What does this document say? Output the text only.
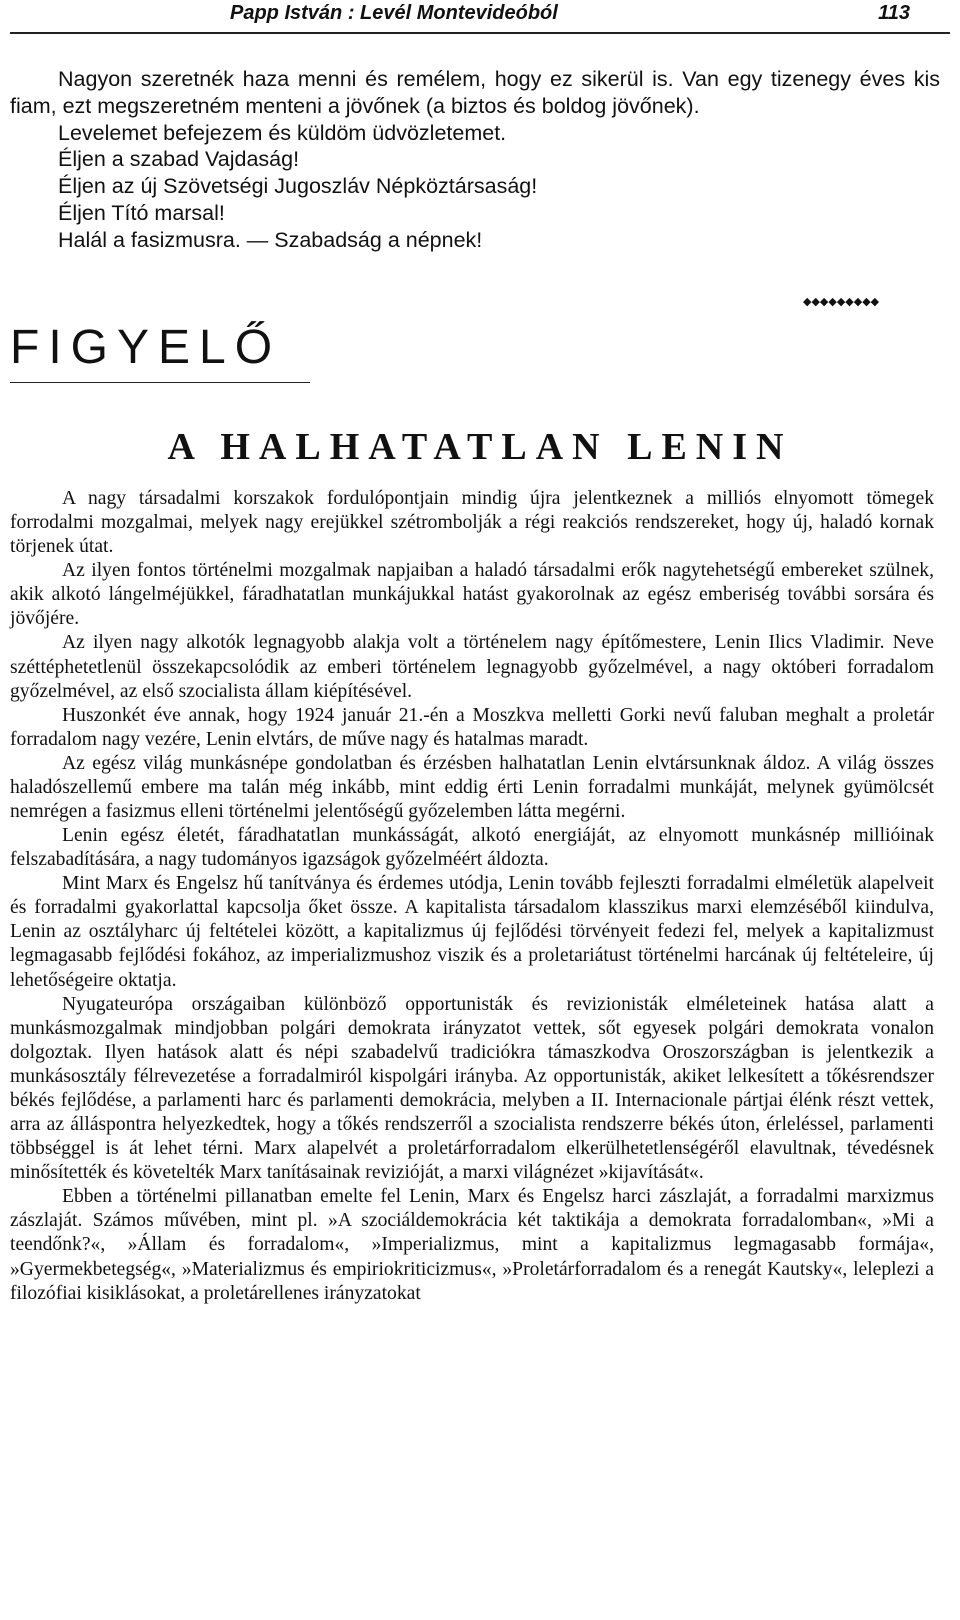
Papp István : Levél Montevideóból	113

Nagyon szeretnék haza menni és remélem, hogy ez sikerül is. Van egy tizenegy éves kis fiam, ezt megszeretném menteni a jövőnek (a biztos és boldog jövőnek).

Levelemet befejezem és küldöm üdvözletemet.
Éljen a szabad Vajdaság!
Éljen az új Szövetségi Jugoszláv Népköztársaság!
Éljen Tító marsal!
Halál a fasizmusra. — Szabadság a népnek!
◆◆◆◆◆◆◆◆◆
FIGYELŐ
A HALHATATLAN LENIN

A nagy társadalmi korszakok fordulópontjain mindig újra jelentkeznek a milliós elnyomott tömegek forrodalmi mozgalmai, melyek nagy erejükkel szétrombolják a régi reakciós rendszereket, hogy új, haladó kornak törjenek útat.

Az ilyen fontos történelmi mozgalmak napjaiban a haladó társadalmi erők nagytehetségű embereket szülnek, akik alkotó lángelméjükkel, fáradhatatlan munkájukkal hatást gyakorolnak az egész emberiség további sorsára és jövőjére.

Az ilyen nagy alkotók legnagyobb alakja volt a történelem nagy építőmestere, Lenin Ilics Vladimir. Neve széttéphetetlenül összekapcsolódik az emberi történelem legnagyobb győzelmével, a nagy októberi forradalom győzelmével, az első szocialista állam kiépítésével.

Huszonkét éve annak, hogy 1924 január 21.-én a Moszkva melletti Gorki nevű faluban meghalt a proletár forradalom nagy vezére, Lenin elvtárs, de műve nagy és hatalmas maradt.

Az egész világ munkásnépe gondolatban és érzésben halhatatlan Lenin elvtársunknak áldoz. A világ összes haladószellemű embere ma talán még inkább, mint eddig érti Lenin forradalmi munkáját, melynek gyümölcsét nemrégen a fasizmus elleni történelmi jelentőségű győzelemben látta megérni.

Lenin egész életét, fáradhatatlan munkásságát, alkotó energiáját, az elnyomott munkásnép millióinak felszabadítására, a nagy tudományos igazságok győzelméért áldozta.

Mint Marx és Engelsz hű tanítványa és érdemes utódja, Lenin tovább fejleszti forradalmi elméletük alapelveit és forradalmi gyakorlattal kapcsolja őket össze. A kapitalista társadalom klasszikus marxi elemzéséből kiindulva, Lenin az osztályharc új feltételei között, a kapitalizmus új fejlődési törvényeit fedezi fel, melyek a kapitalizmust legmagasabb fejlődési fokához, az imperializmushoz viszik és a proletariátust történelmi harcának új feltételeire, új lehetőségeire oktatja.

Nyugateurópa országaiban különböző opportunisták és revizionisták elméleteinek hatása alatt a munkásmozgalmak mindjobban polgári demokrata irányzatot vettek, sőt egyesek polgári demokrata vonalon dolgoztak. Ilyen hatások alatt és népi szabadelvű tradiciókra támaszkodva Oroszországban is jelentkezik a munkásosztály félrevezetése a forradalmiról kispolgári irányba. Az opportunisták, akiket lelkesített a tőkésrendszer békés fejlődése, a parlamenti harc és parlamenti demokrácia, melyben a II. Internacionale pártjai élénk részt vettek, arra az álláspontra helyezkedtek, hogy a tőkés rendszerről a szocialista rendszerre békés úton, érleléssel, parlamenti többséggel is át lehet térni. Marx alapelvét a proletárforradalom elkerülhetetlenségéről elavultnak, tévedésnek minősítették és követelték Marx tanításainak revizióját, a marxi világnézet »kijavítását«.

Ebben a történelmi pillanatban emelte fel Lenin, Marx és Engelsz harci zászlaját, a forradalmi marxizmus zászlaját. Számos művében, mint pl. »A szociáldemokrácia két taktikája a demokrata forradalomban«, »Mi a teendőnk?«, »Állam és forradalom«, »Imperializmus, mint a kapitalizmus legmagasabb formája«, »Gyermekbetegség«, »Materializmus és empiriokriticizmus«, »Proletárforradalom és a renegát Kautsky«, leleplezi a filozófiai kisiklásokat, a proletárellenes irányzatokat
